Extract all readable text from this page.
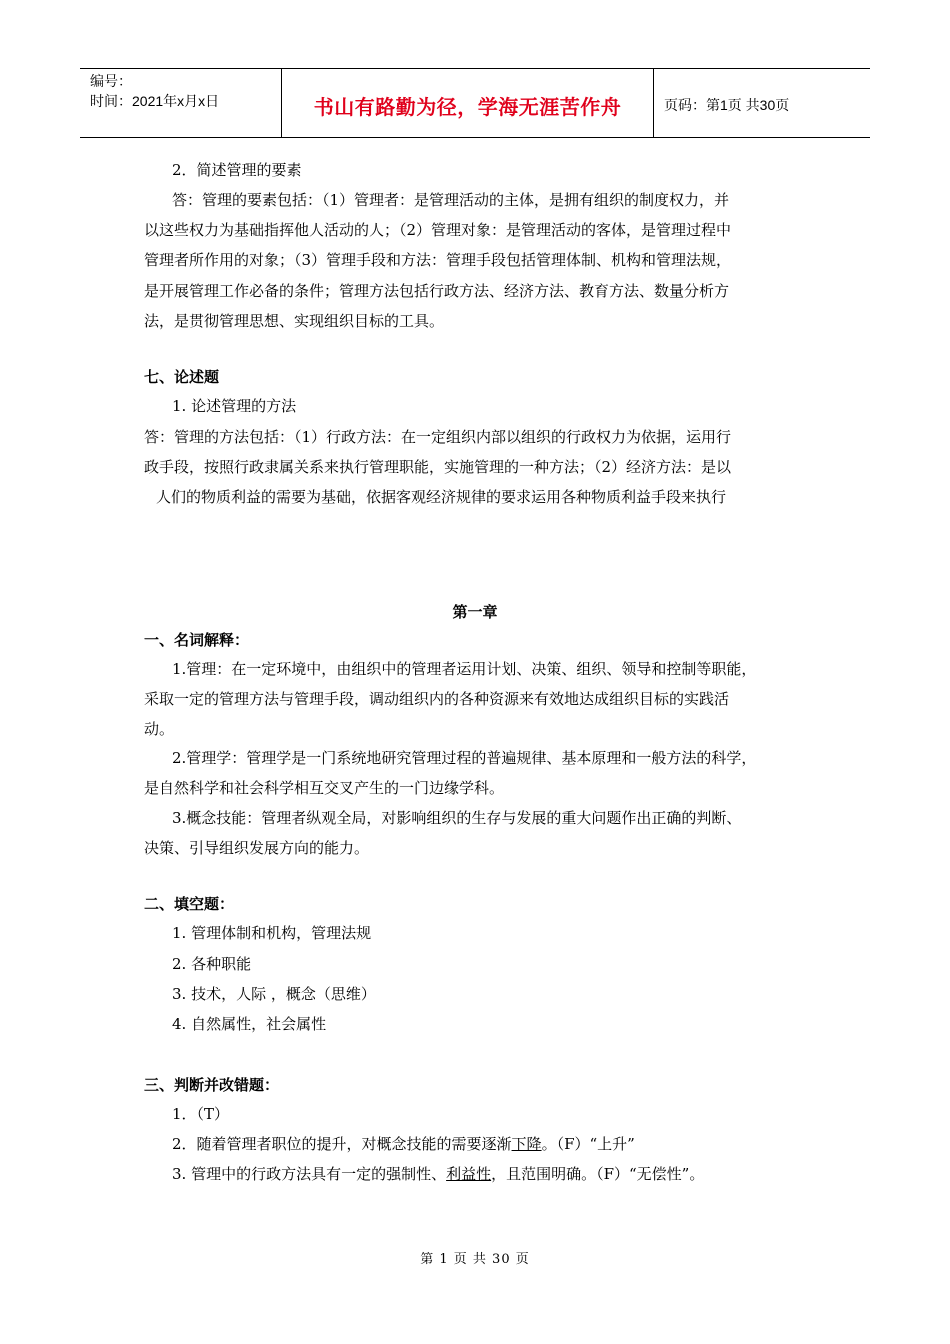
编号：
时间：2021年x月x日	书山有路勤为径，学海无涯苦作舟	页码：第1页 共30页
2．简述管理的要素
答：管理的要素包括：（1）管理者：是管理活动的主体，是拥有组织的制度权力，并
以这些权力为基础指挥他人活动的人；（2）管理对象：是管理活动的客体，是管理过程中
管理者所作用的对象；（3）管理手段和方法：管理手段包括管理体制、机构和管理法规，
是开展管理工作必备的条件；管理方法包括行政方法、经济方法、教育方法、数量分析方
法，是贯彻管理思想、实现组织目标的工具。
七、论述题
1. 论述管理的方法
答：管理的方法包括：（1）行政方法：在一定组织内部以组织的行政权力为依据，运用行
政手段，按照行政隶属关系来执行管理职能，实施管理的一种方法；（2）经济方法：是以
人们的物质利益的需要为基础，依据客观经济规律的要求运用各种物质利益手段来执行
第一章
一、名词解释：
1.管理：在一定环境中，由组织中的管理者运用计划、决策、组织、领导和控制等职能，
采取一定的管理方法与管理手段，调动组织内的各种资源来有效地达成组织目标的实践活
动。
2.管理学：管理学是一门系统地研究管理过程的普遍规律、基本原理和一般方法的科学，
是自然科学和社会科学相互交叉产生的一门边缘学科。
3.概念技能：管理者纵观全局，对影响组织的生存与发展的重大问题作出正确的判断、
决策、引导组织发展方向的能力。
二、填空题：
1. 管理体制和机构，管理法规
2. 各种职能
3. 技术，人际 ，概念（思维）
4. 自然属性，社会属性
三、判断并改错题：
1．（T）
2．随着管理者职位的提升，对概念技能的需要逐渐下降。（F）“上升”
3. 管理中的行政方法具有一定的强制性、利益性，且范围明确。（F）“无偿性”。
第 1 页 共 30 页
